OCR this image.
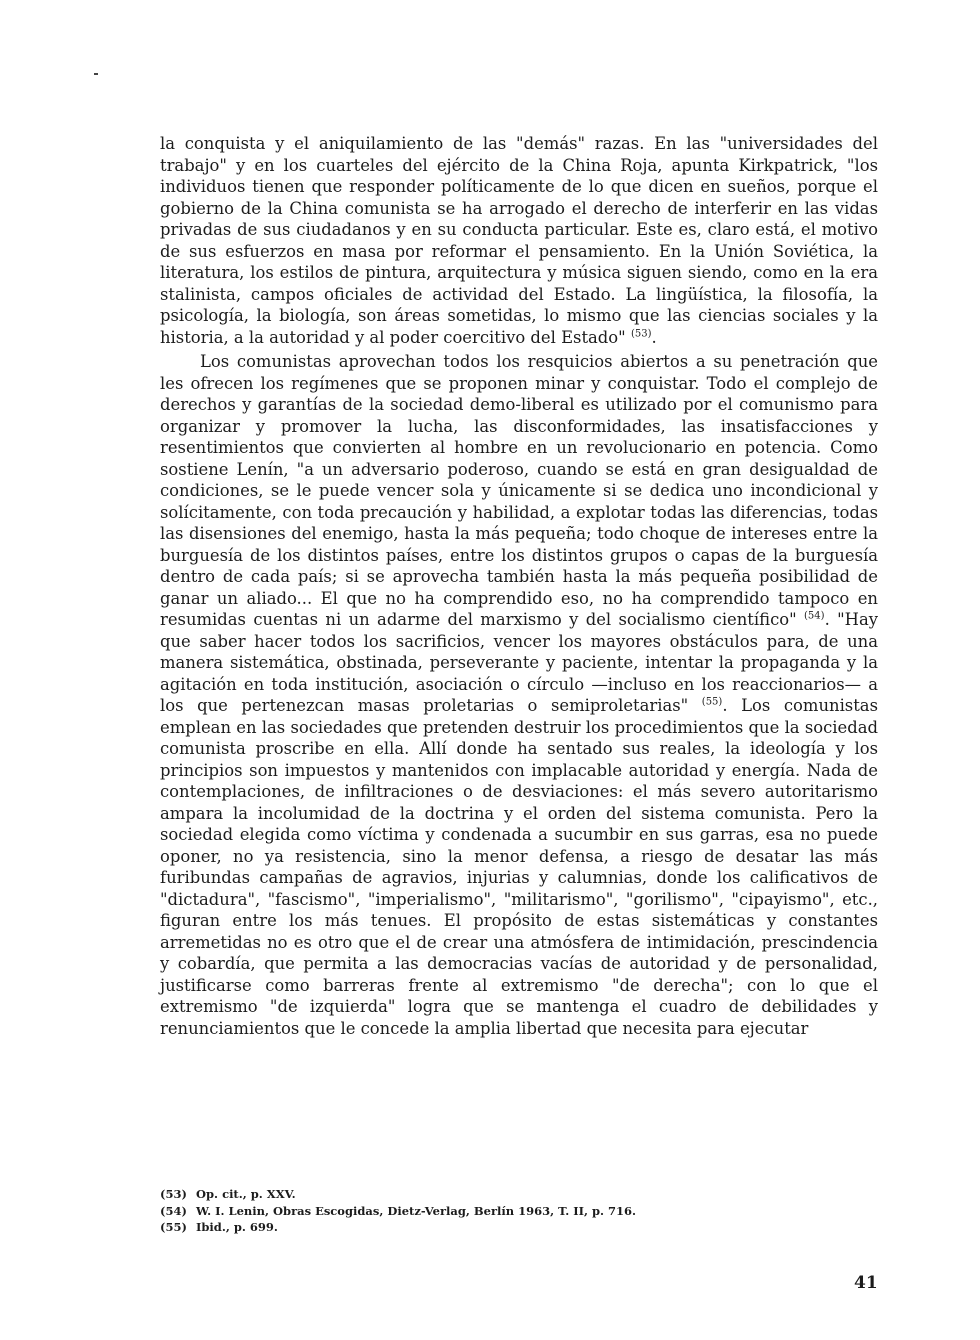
la conquista y el aniquilamiento de las "demás" razas. En las "universidades del trabajo" y en los cuarteles del ejército de la China Roja, apunta Kirkpatrick, "los individuos tienen que responder políticamente de lo que dicen en sueños, porque el gobierno de la China comunista se ha arrogado el derecho de interferir en las vidas privadas de sus ciudadanos y en su conducta particular. Este es, claro está, el motivo de sus esfuerzos en masa por reformar el pensamiento. En la Unión Soviética, la literatura, los estilos de pintura, arquitectura y música siguen siendo, como en la era stalinista, campos oficiales de actividad del Estado. La lingüística, la filosofía, la psicología, la biología, son áreas sometidas, lo mismo que las ciencias sociales y la historia, a la autoridad y al poder coercitivo del Estado" $^{(53)}$.

Los comunistas aprovechan todos los resquicios abiertos a su penetración que les ofrecen los regímenes que se proponen minar y conquistar. Todo el complejo de derechos y garantías de la sociedad demo-liberal es utilizado por el comunismo para organizar y promover la lucha, las disconformidades, las insatisfacciones y resentimientos que convierten al hombre en un revolucionario en potencia. Como sostiene Lenín, "a un adversario poderoso, cuando se está en gran desigualdad de condiciones, se le puede vencer sola y únicamente si se dedica uno incondicional y solícitamente, con toda precaución y habilidad, a explotar todas las diferencias, todas las disensiones del enemigo, hasta la más pequeña; todo choque de intereses entre la burguesía de los distintos países, entre los distintos grupos o capas de la burguesía dentro de cada país; si se aprovecha también hasta la más pequeña posibilidad de ganar un aliado... El que no ha comprendido eso, no ha comprendido tampoco en resumidas cuentas ni un adarme del marxismo y del socialismo científico" $^{(54)}$. "Hay que saber hacer todos los sacrificios, vencer los mayores obstáculos para, de una manera sistemática, obstinada, perseverante y paciente, intentar la propaganda y la agitación en toda institución, asociación o círculo —incluso en los reaccionarios— a los que pertenezcan masas proletarias o semiproletarias" $^{(55)}$. Los comunistas emplean en las sociedades que pretenden destruir los procedimientos que la sociedad comunista proscribe en ella. Allí donde ha sentado sus reales, la ideología y los principios son impuestos y mantenidos con implacable autoridad y energía. Nada de contemplaciones, de infiltraciones o de desviaciones: el más severo autoritarismo ampara la incolumidad de la doctrina y el orden del sistema comunista. Pero la sociedad elegida como víctima y condenada a sucumbir en sus garras, esa no puede oponer, no ya resistencia, sino la menor defensa, a riesgo de desatar las más furibundas campañas de agravios, injurias y calumnias, donde los calificativos de "dictadura", "fascismo", "imperialismo", "militarismo", "gorilismo", "cipayismo", etc., figuran entre los más tenues. El propósito de estas sistemáticas y constantes arremetidas no es otro que el de crear una atmósfera de intimidación, prescindencia y cobardía, que permita a las democracias vacías de autoridad y de personalidad, justificarse como barreras frente al extremismo "de derecha"; con lo que el extremismo "de izquierda" logra que se mantenga el cuadro de debilidades y renunciamientos que le concede la amplia libertad que necesita para ejecutar

(53) Op. cit., p. XXV.
(54) W. I. Lenin, Obras Escogidas, Dietz-Verlag, Berlín 1963, T. II, p. 716.
(55) Ibid., p. 699.
41
